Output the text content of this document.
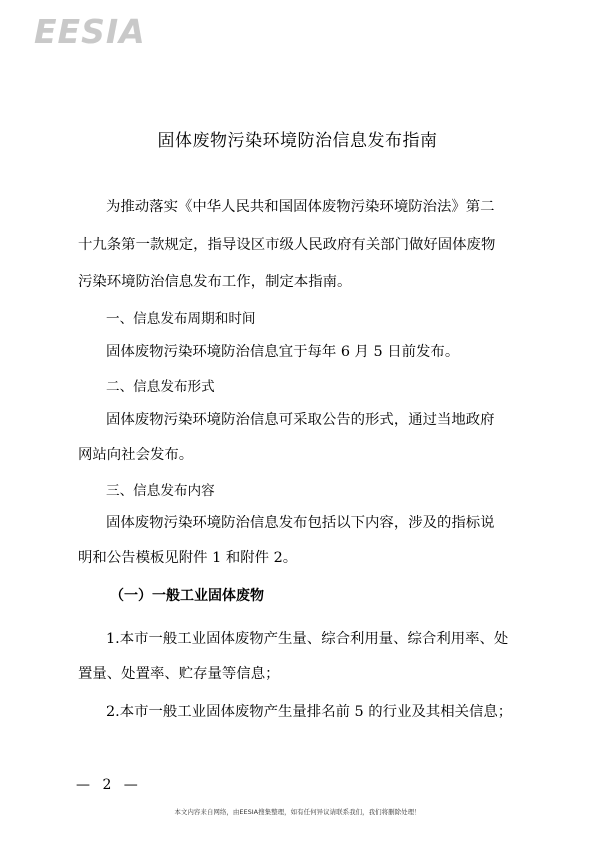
EESIA
固体废物污染环境防治信息发布指南
为推动落实《中华人民共和国固体废物污染环境防治法》第二
十九条第一款规定，指导设区市级人民政府有关部门做好固体废物
污染环境防治信息发布工作，制定本指南。
一、信息发布周期和时间
固体废物污染环境防治信息宜于每年 6 月 5 日前发布。
二、信息发布形式
固体废物污染环境防治信息可采取公告的形式，通过当地政府
网站向社会发布。
三、信息发布内容
固体废物污染环境防治信息发布包括以下内容，涉及的指标说
明和公告模板见附件 1 和附件 2。
（一）一般工业固体废物
1.本市一般工业固体废物产生量、综合利用量、综合利用率、处
置量、处置率、贮存量等信息；
2.本市一般工业固体废物产生量排名前 5 的行业及其相关信息；
— 2 —
本文内容来自网络，由EESIA搜集整理，如有任何异议请联系我们，我们将删除处理！
